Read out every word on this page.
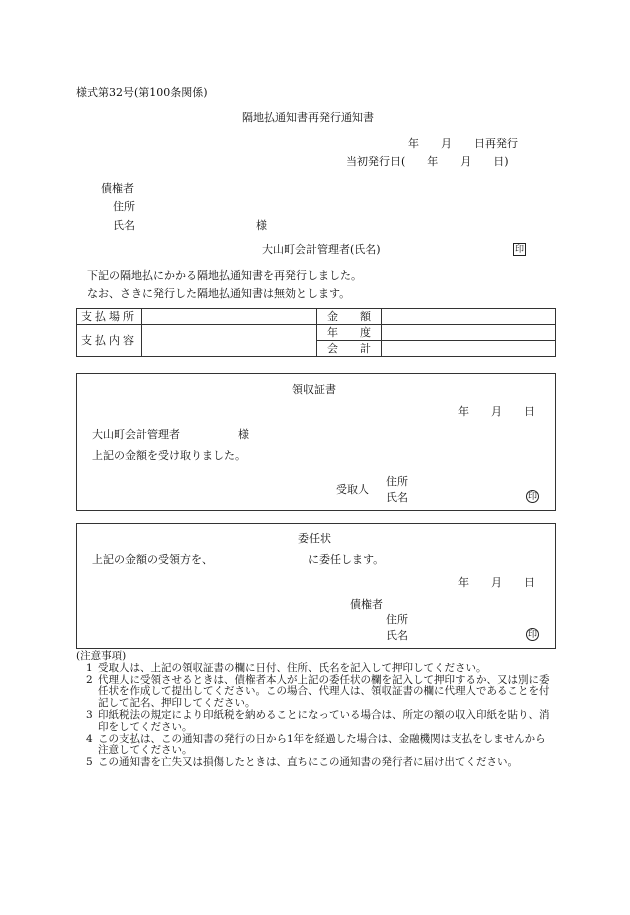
様式第32号(第100条関係)
隔地払通知書再発行通知書
年　　月　　日再発行
当初発行日(　　年　　月　　日)
債権者
住所
氏名	様
大山町会計管理者(氏名)	印
下記の隔地払にかかる隔地払通知書を再発行しました。
なお、さきに発行した隔地払通知書は無効とします。
支払場所		金　　額	
支払内容		年　　度	
		会　　計	
領収証書
年　　月　　日
大山町会計管理者	様
上記の金額を受け取りました。
受取人
住所
氏名	印
委任状
上記の金額の受領方を、	に委任します。
年　　月　　日
債権者
住所
氏名	印
(注意事項)
1 受取人は、上記の領収証書の欄に日付、住所、氏名を記入して押印してください。
2 代理人に受領させるときは、債権者本人が上記の委任状の欄を記入して押印するか、又は別に委任状を作成して提出してください。この場合、代理人は、領収証書の欄に代理人であることを付記して記名、押印してください。
3 印紙税法の規定により印紙税を納めることになっている場合は、所定の額の収入印紙を貼り、消印をしてください。
4 この支払は、この通知書の発行の日から1年を経過した場合は、金融機関は支払をしませんから注意してください。
5 この通知書を亡失又は損傷したときは、直ちにこの通知書の発行者に届け出てください。
